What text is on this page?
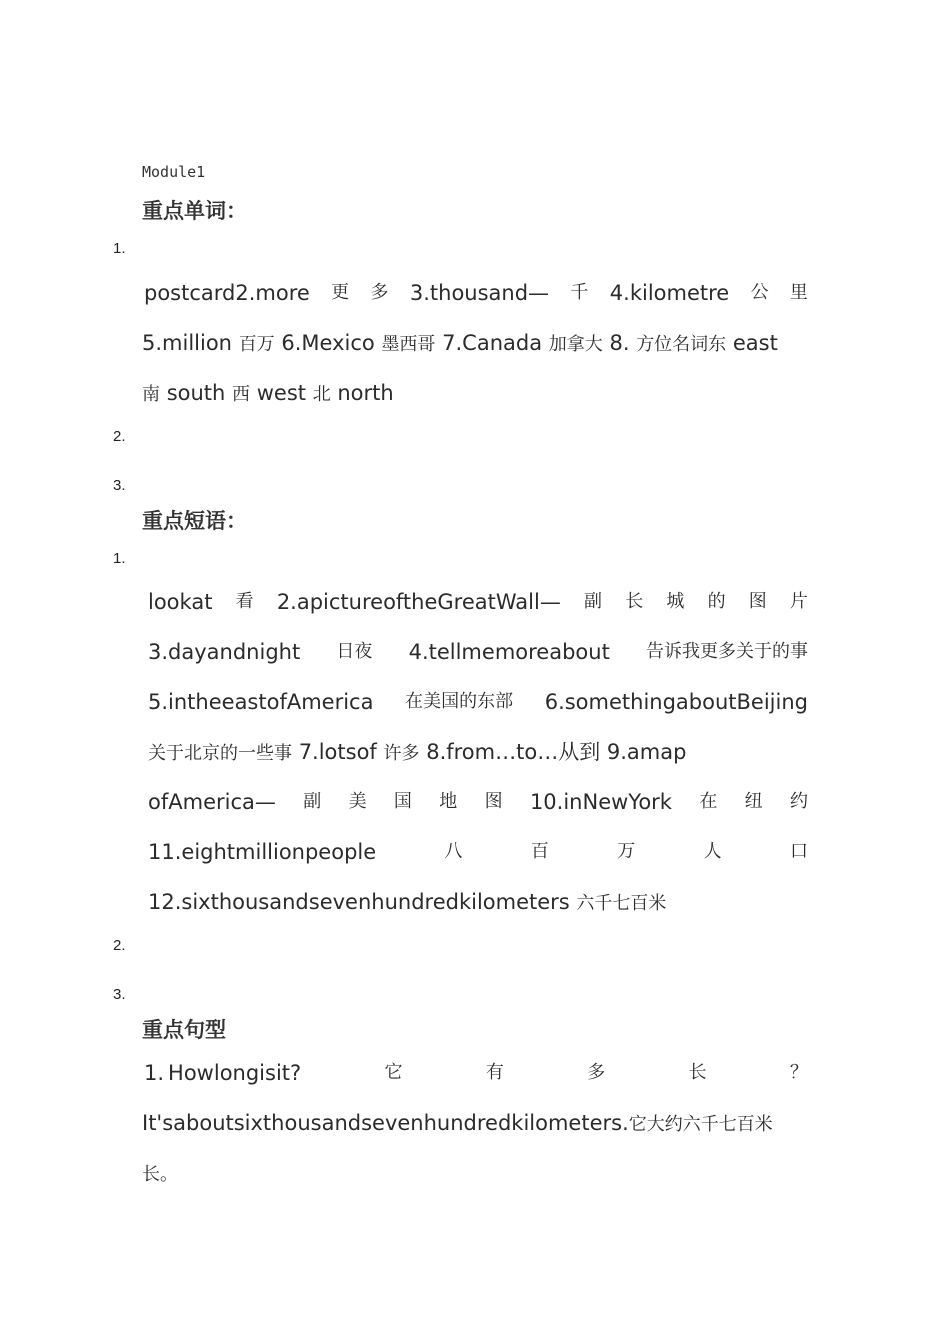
Module1
重点单词：
1.
postcard2.more 更 多 3.thousand— 千 4.kilometre 公 里
5.million 百万 6.Mexico 墨西哥 7.Canada 加拿大 8. 方位名词东 east
南 south 西 west 北 north
2.
3.
重点短语：
1.
lookat 看 2.apictureoftheGreatWall— 副 长 城 的 图 片
3.dayandnight 日夜 4.tellmemoreabout 告诉我更多关于的事
5.intheeastofAmerica 在美国的东部 6.somethingaboutBeijing
关于北京的一些事 7.lotsof 许多 8.from…to…从到 9.amap
ofAmerica— 副 美 国 地 图 10.inNewYork 在 纽 约
11.eightmillionpeople	八	百	万	人	口
12.sixthousandsevenhundredkilometers 六千七百米
2.
3.
重点句型
1. Howlongisit?	它	有	多	长	？
It'saboutsixthousandsevenhundredkilometers.它大约六千七百米
长。
